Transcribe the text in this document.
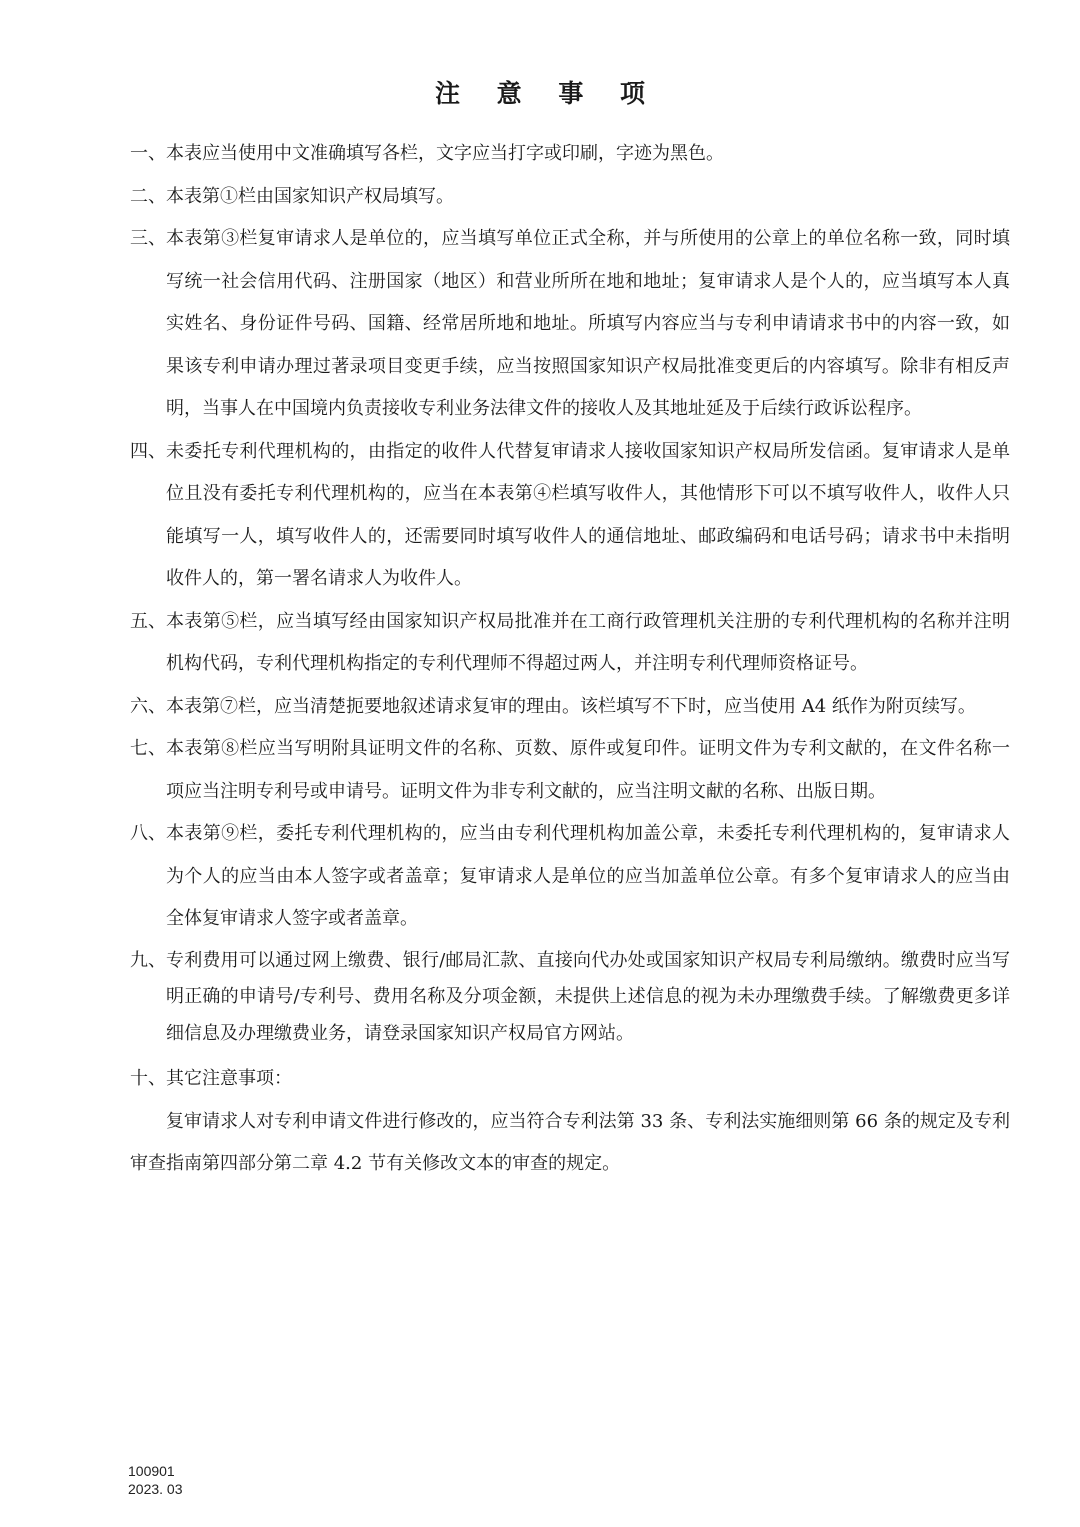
注 意 事 项

一、 本表应当使用中文准确填写各栏，文字应当打字或印刷，字迹为黑色。

二、 本表第①栏由国家知识产权局填写。

三、 本表第③栏复审请求人是单位的，应当填写单位正式全称，并与所使用的公章上的单位名称一致，同时填写统一社会信用代码、注册国家（地区）和营业所所在地和地址；复审请求人是个人的，应当填写本人真实姓名、身份证件号码、国籍、经常居所地和地址。所填写内容应当与专利申请请求书中的内容一致，如果该专利申请办理过著录项目变更手续，应当按照国家知识产权局批准变更后的内容填写。除非有相反声明，当事人在中国境内负责接收专利业务法律文件的接收人及其地址延及于后续行政诉讼程序。

四、 未委托专利代理机构的，由指定的收件人代替复审请求人接收国家知识产权局所发信函。复审请求人是单位且没有委托专利代理机构的，应当在本表第④栏填写收件人，其他情形下可以不填写收件人，收件人只能填写一人，填写收件人的，还需要同时填写收件人的通信地址、邮政编码和电话号码；请求书中未指明收件人的，第一署名请求人为收件人。

五、 本表第⑤栏，应当填写经由国家知识产权局批准并在工商行政管理机关注册的专利代理机构的名称并注明机构代码，专利代理机构指定的专利代理师不得超过两人，并注明专利代理师资格证号。

六、 本表第⑦栏，应当清楚扼要地叙述请求复审的理由。该栏填写不下时，应当使用 A4 纸作为附页续写。

七、 本表第⑧栏应当写明附具证明文件的名称、页数、原件或复印件。证明文件为专利文献的，在文件名称一项应当注明专利号或申请号。证明文件为非专利文献的，应当注明文献的名称、出版日期。

八、 本表第⑨栏，委托专利代理机构的，应当由专利代理机构加盖公章，未委托专利代理机构的，复审请求人为个人的应当由本人签字或者盖章；复审请求人是单位的应当加盖单位公章。有多个复审请求人的应当由全体复审请求人签字或者盖章。

九、 专利费用可以通过网上缴费、银行/邮局汇款、直接向代办处或国家知识产权局专利局缴纳。缴费时应当写明正确的申请号/专利号、费用名称及分项金额，未提供上述信息的视为未办理缴费手续。了解缴费更多详细信息及办理缴费业务，请登录国家知识产权局官方网站。

十、 其它注意事项：

复审请求人对专利申请文件进行修改的，应当符合专利法第 33 条、专利法实施细则第 66 条的规定及专利审查指南第四部分第二章 4.2 节有关修改文本的审查的规定。

100901
2023. 03
